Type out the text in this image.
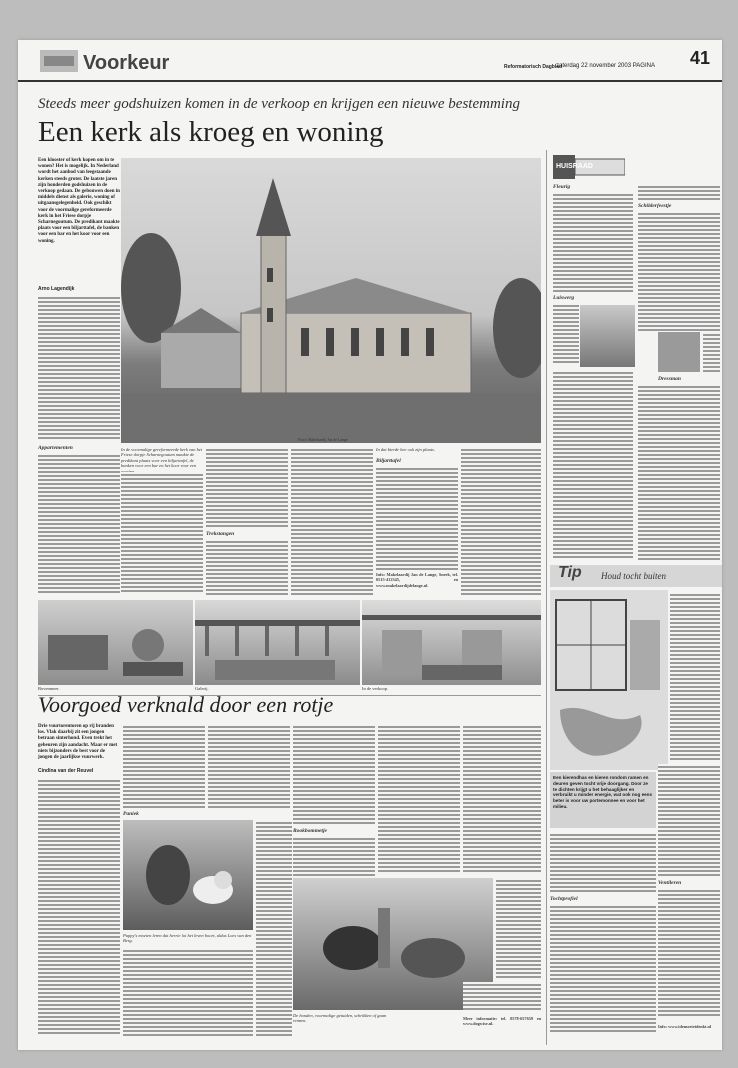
Voorkeur	Reformatorisch Dagblad
zaterdag 22 november 2003 PAGINA 41
Steeds meer godshuizen komen in de verkoop en krijgen een nieuwe bestemming
Een kerk als kroeg en woning
Een klooster of kerk kopen om in te wonen? Het is mogelijk. In Nederland wordt het aanbod van leegstaande kerken steeds groter. De laatste jaren zijn honderden godshuizen in de verkoop gedaan. De gebouwen doen in middels dienst als galerie, woning of uitgaansgelegenheid. Ook geschikt voor de voormalige gereformeerde kerk in het Friese dorpje Scharnegoutum. De predikant maakte plaats voor een biljarttafel, de banken voor een bar en het koor voor een woning.
Arno Lagendijk
Appartementen
Foto's Makelaardij Jan de Lange
In de voormalige gereformeerde kerk van het Friese dorpje Scharnegoutum maakte de predikant plaats voor een biljarttafel, de banken voor een bar en het koor voor een
Trekstangen
In dat bierde hee ook zijn plaats.
Biljarttafel
Info: Makelaardij Jan de Lange, Sneek, tel. 0515-412345, en www.makelaardijdelange.nl.
Bovenmeer.	Galerij.	In de verkoop.
HUISRAAD
Fleurig
Schilderfeestje
Dressman
Luiswerg
Tip Houd tocht buiten
Een kierendhas en kieren rondom ramen en deuren geven tocht vrije doorgang. Door ze te dichten krijgt u het behaaglijker en verbruikt u minder energie, wat ook nog eens beter is voor uw portemonnee en voor het milieu.
Tochtprofiel
Ventileren
Info: www.idemoeteidenkt.nl
Voorgoed verknald door een rotje
Drie vuurtorentoren op rij branden los. Vlak daarbij zit een jongen betraan sinterhond. Even trekt het gebeuren zijn aandacht. Maar er met niets bijzonders de best voor de jongen de jaarlijkse vuurwerk.
Cindina van der Reuvel
Paniek
Puppy's moeten leren dat herrie lot het leven hoort, aldus Loes van den Berg.
Rookbommetje
De honden, voormalige getuiden, schrikken of gaan rennen.	Meer informatie: tel. 0578-657659 en www.dogwise.nl.
